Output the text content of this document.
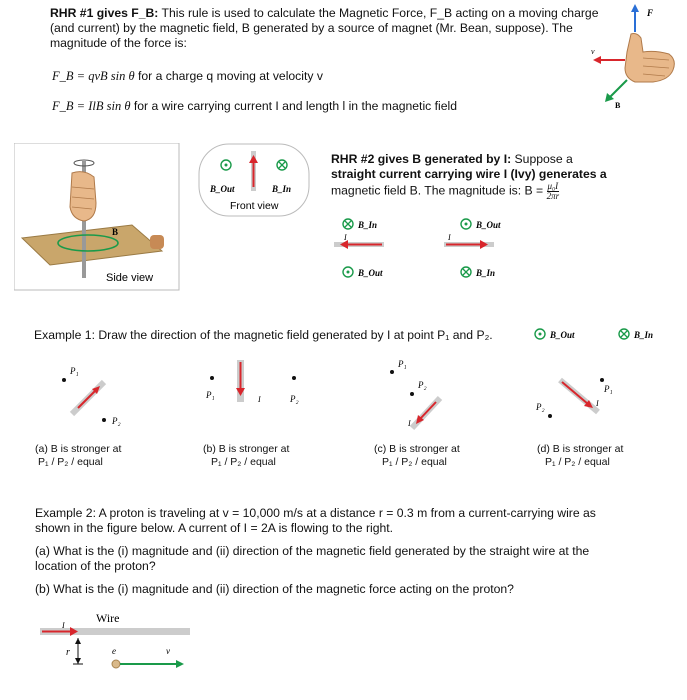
RHR #1 gives F_B: This rule is used to calculate the Magnetic Force, F_B acting on a moving charge
(and current) by the magnetic field, B generated by a source of magnet (Mr. Bean, suppose). The
magnitude of the force is:
F_B = qvB sin θ for a charge q moving at velocity v
F_B = IlB sin θ for a wire carrying current I and length l in the magnetic field
F
v
B
B
Side view
B_Out	B_In
Front view
RHR #2 gives B generated by I: Suppose a
straight current carrying wire I (Ivy) generates a
magnetic field B. The magnitude is: $B = \frac{\text{μ₀I}}{2\pi r}$
B_In
I
B_Out
B_Out
I
B_In
Example 1: Draw the direction of the magnetic field generated by I at point P₁ and P₂.	B_Out	B_In
P₁
P₂
P₁	I	P₂
P₁
P₂
I
I
P₁
P₂
(a) B is stronger at
P₁ / P₂ / equal
(b) B is stronger at
P₁ / P₂ / equal
(c) B is stronger at
P₁ / P₂ / equal
(d) B is stronger at
P₁ / P₂ / equal
Example 2: A proton is traveling at v = 10,000 m/s at a distance r = 0.3 m from a current-carrying wire as
shown in the figure below. A current of I = 2A is flowing to the right.
(a) What is the (i) magnitude and (ii) direction of the magnetic field generated by the straight wire at the
location of the proton?
(b) What is the (i) magnitude and (ii) direction of the magnetic force acting on the proton?
Wire
I
r	e	v
